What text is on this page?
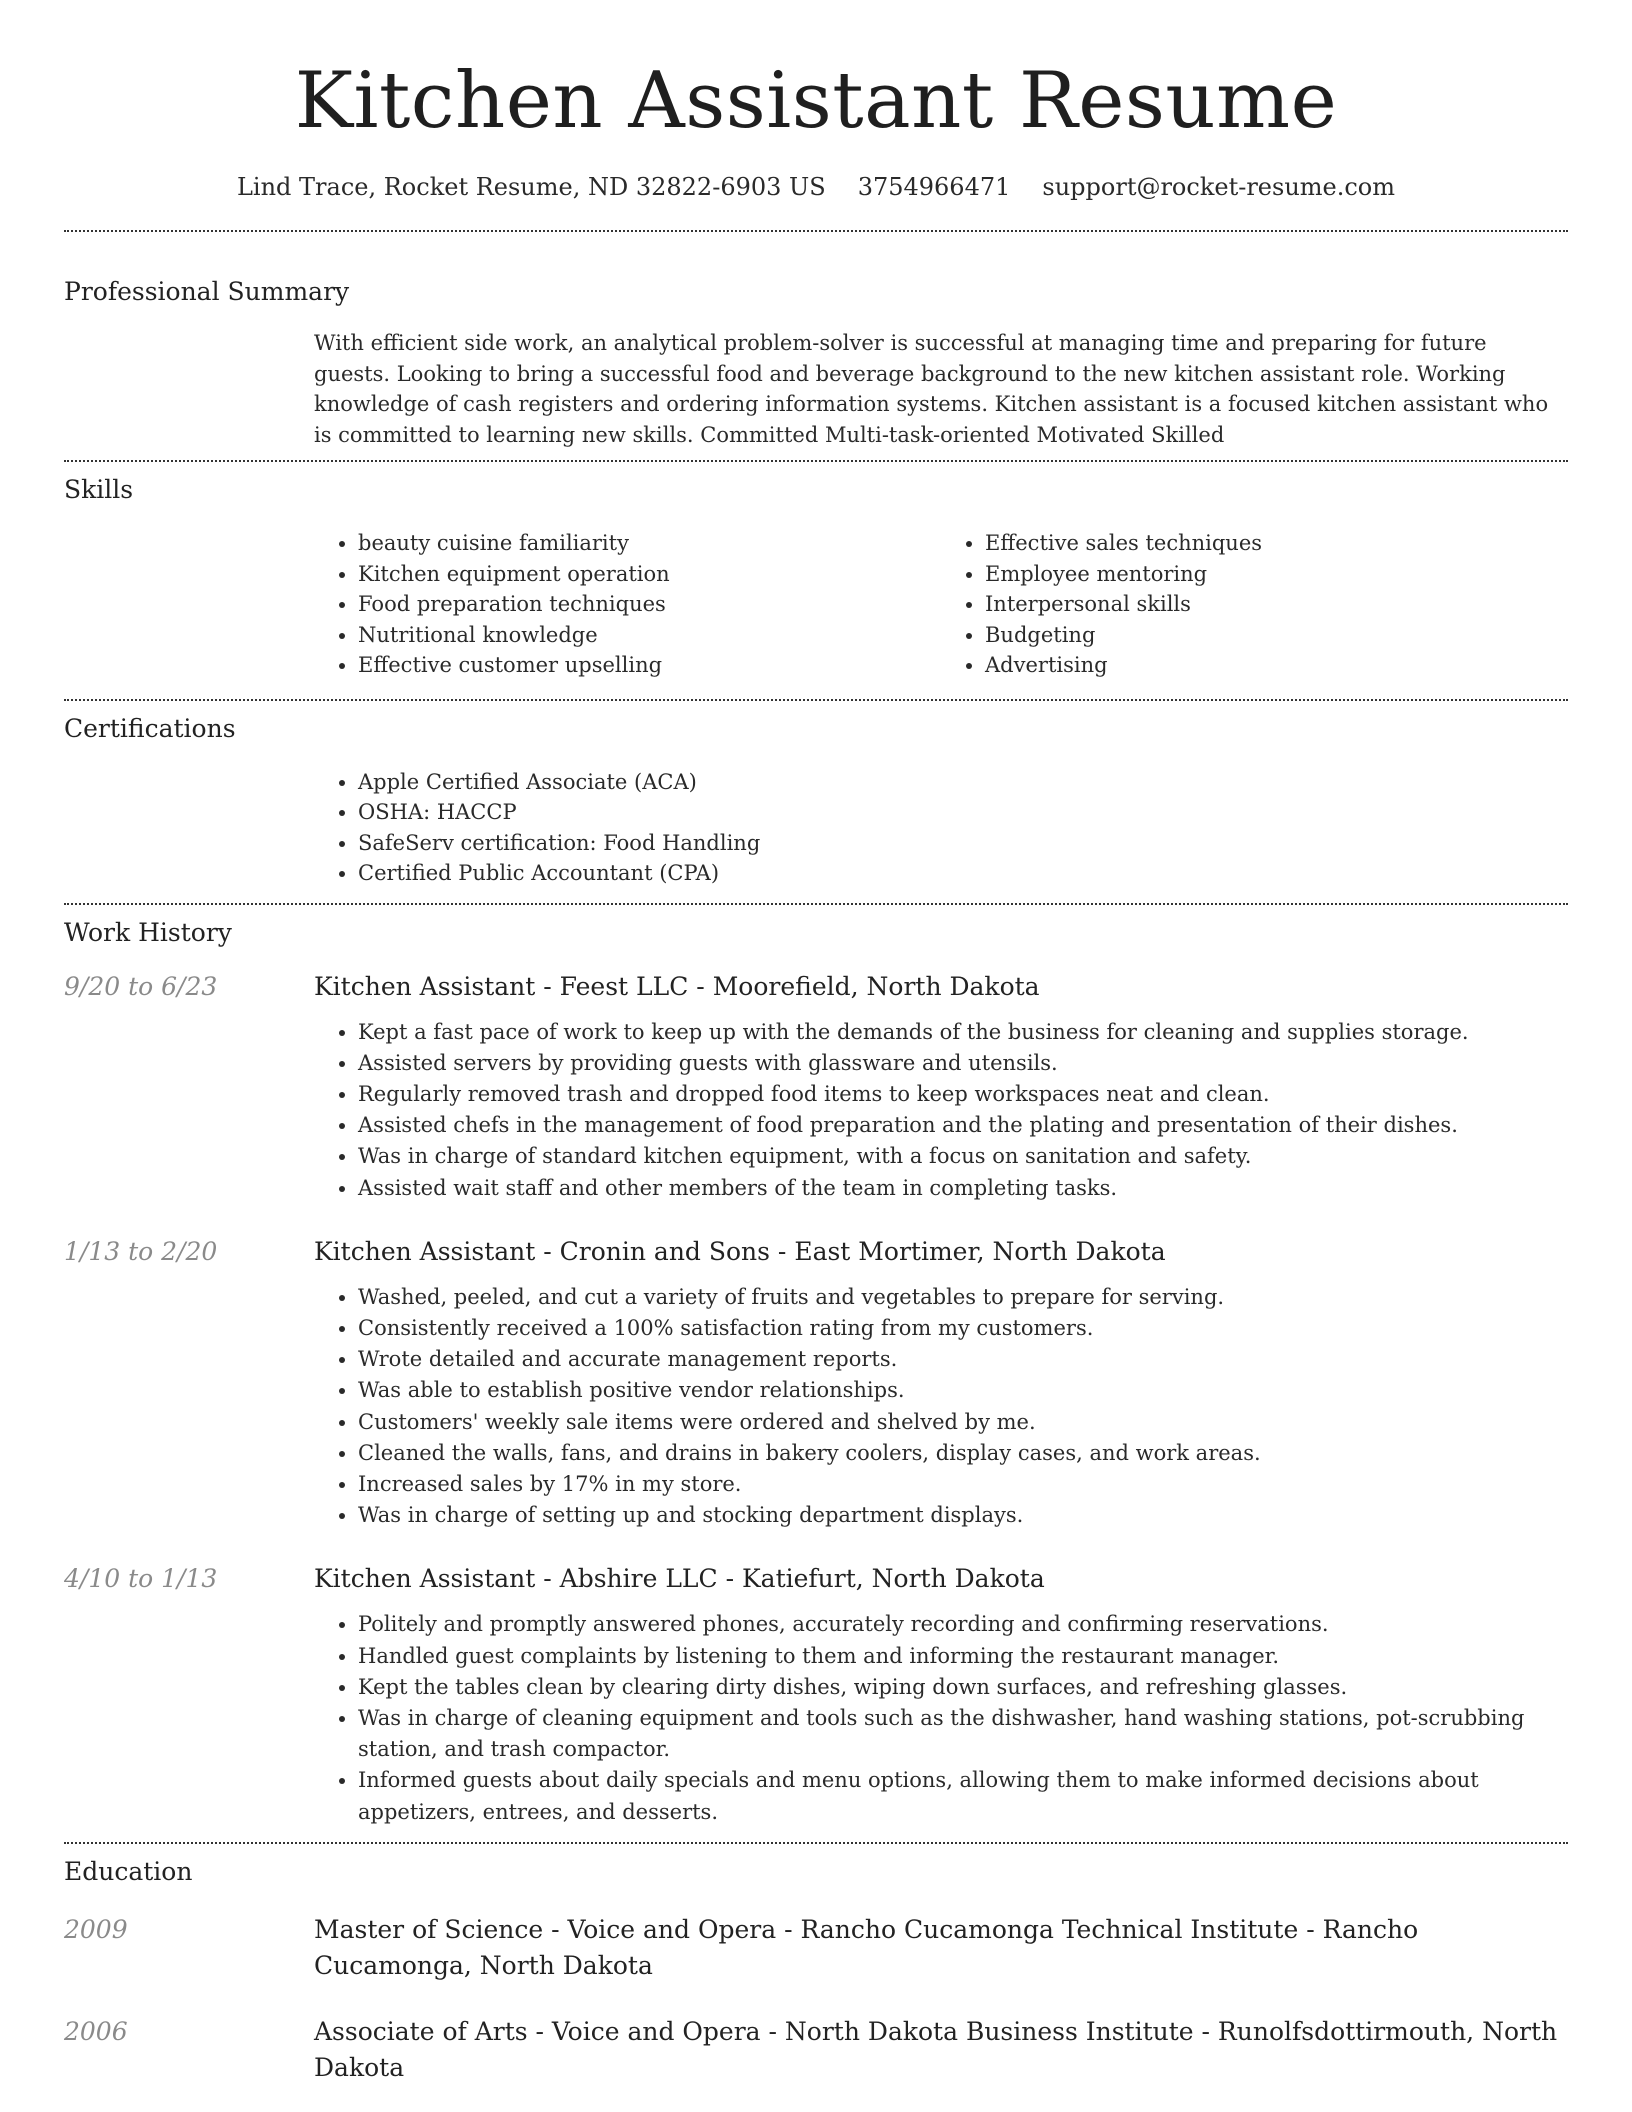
Kitchen Assistant Resume
Lind Trace, Rocket Resume, ND 32822-6903 US 3754966471 support@rocket-resume.com
Professional Summary
With efficient side work, an analytical problem-solver is successful at managing time and preparing for future guests. Looking to bring a successful food and beverage background to the new kitchen assistant role. Working knowledge of cash registers and ordering information systems. Kitchen assistant is a focused kitchen assistant who is committed to learning new skills. Committed Multi-task-oriented Motivated Skilled
Skills
• beauty cuisine familiarity
• Kitchen equipment operation
• Food preparation techniques
• Nutritional knowledge
• Effective customer upselling
• Effective sales techniques
• Employee mentoring
• Interpersonal skills
• Budgeting
• Advertising
Certifications
• Apple Certified Associate (ACA)
• OSHA: HACCP
• SafeServ certification: Food Handling
• Certified Public Accountant (CPA)
Work History
9/20 to 6/23	Kitchen Assistant - Feest LLC - Moorefield, North Dakota
• Kept a fast pace of work to keep up with the demands of the business for cleaning and supplies storage.
• Assisted servers by providing guests with glassware and utensils.
• Regularly removed trash and dropped food items to keep workspaces neat and clean.
• Assisted chefs in the management of food preparation and the plating and presentation of their dishes.
• Was in charge of standard kitchen equipment, with a focus on sanitation and safety.
• Assisted wait staff and other members of the team in completing tasks.
1/13 to 2/20	Kitchen Assistant - Cronin and Sons - East Mortimer, North Dakota
• Washed, peeled, and cut a variety of fruits and vegetables to prepare for serving.
• Consistently received a 100% satisfaction rating from my customers.
• Wrote detailed and accurate management reports.
• Was able to establish positive vendor relationships.
• Customers' weekly sale items were ordered and shelved by me.
• Cleaned the walls, fans, and drains in bakery coolers, display cases, and work areas.
• Increased sales by 17% in my store.
• Was in charge of setting up and stocking department displays.
4/10 to 1/13	Kitchen Assistant - Abshire LLC - Katiefurt, North Dakota
• Politely and promptly answered phones, accurately recording and confirming reservations.
• Handled guest complaints by listening to them and informing the restaurant manager.
• Kept the tables clean by clearing dirty dishes, wiping down surfaces, and refreshing glasses.
• Was in charge of cleaning equipment and tools such as the dishwasher, hand washing stations, pot-scrubbing station, and trash compactor.
• Informed guests about daily specials and menu options, allowing them to make informed decisions about appetizers, entrees, and desserts.
Education
2009	Master of Science - Voice and Opera - Rancho Cucamonga Technical Institute - Rancho Cucamonga, North Dakota
2006	Associate of Arts - Voice and Opera - North Dakota Business Institute - Runolfsdottirmouth, North Dakota
